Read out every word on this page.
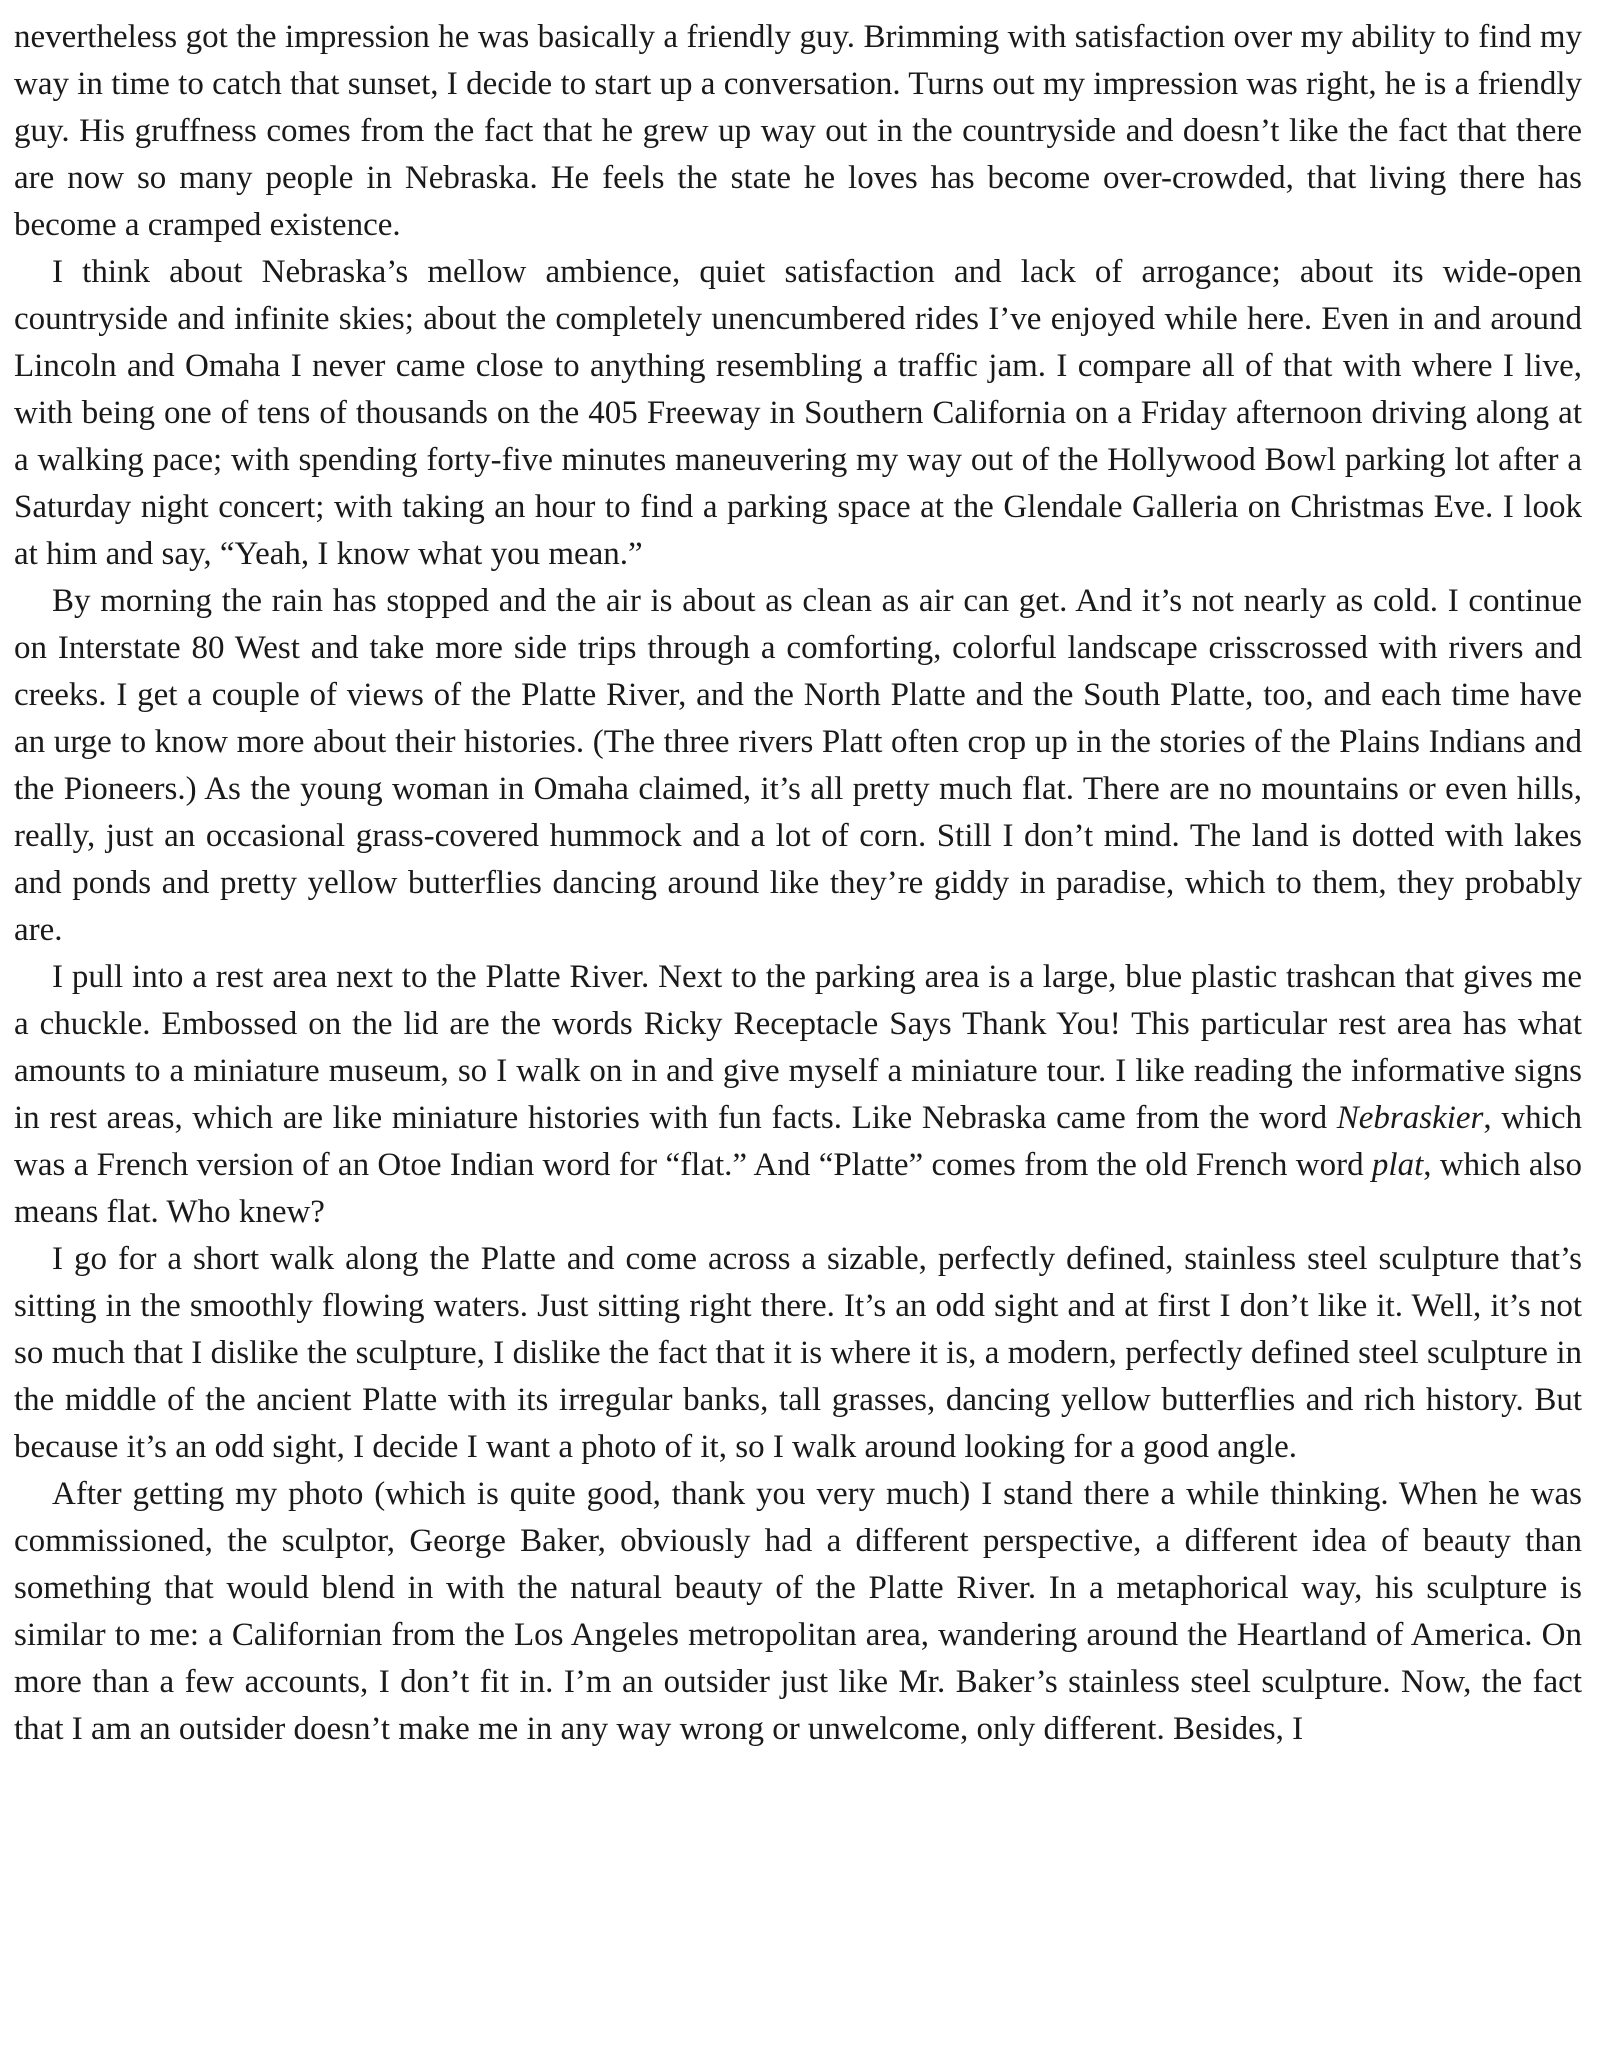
nevertheless got the impression he was basically a friendly guy. Brimming with satisfaction over my ability to find my way in time to catch that sunset, I decide to start up a conversation. Turns out my impression was right, he is a friendly guy. His gruffness comes from the fact that he grew up way out in the countryside and doesn’t like the fact that there are now so many people in Nebraska. He feels the state he loves has become over-crowded, that living there has become a cramped existence.

I think about Nebraska’s mellow ambience, quiet satisfaction and lack of arrogance; about its wide-open countryside and infinite skies; about the completely unencumbered rides I’ve enjoyed while here. Even in and around Lincoln and Omaha I never came close to anything resembling a traffic jam. I compare all of that with where I live, with being one of tens of thousands on the 405 Freeway in Southern California on a Friday afternoon driving along at a walking pace; with spending forty-five minutes maneuvering my way out of the Hollywood Bowl parking lot after a Saturday night concert; with taking an hour to find a parking space at the Glendale Galleria on Christmas Eve. I look at him and say, “Yeah, I know what you mean.”

By morning the rain has stopped and the air is about as clean as air can get. And it’s not nearly as cold. I continue on Interstate 80 West and take more side trips through a comforting, colorful landscape crisscrossed with rivers and creeks. I get a couple of views of the Platte River, and the North Platte and the South Platte, too, and each time have an urge to know more about their histories. (The three rivers Platt often crop up in the stories of the Plains Indians and the Pioneers.) As the young woman in Omaha claimed, it’s all pretty much flat. There are no mountains or even hills, really, just an occasional grass-covered hummock and a lot of corn. Still I don’t mind. The land is dotted with lakes and ponds and pretty yellow butterflies dancing around like they’re giddy in paradise, which to them, they probably are.

I pull into a rest area next to the Platte River. Next to the parking area is a large, blue plastic trashcan that gives me a chuckle. Embossed on the lid are the words Ricky Receptacle Says Thank You! This particular rest area has what amounts to a miniature museum, so I walk on in and give myself a miniature tour. I like reading the informative signs in rest areas, which are like miniature histories with fun facts. Like Nebraska came from the word Nebraskier, which was a French version of an Otoe Indian word for “flat.” And “Platte” comes from the old French word plat, which also means flat. Who knew?

I go for a short walk along the Platte and come across a sizable, perfectly defined, stainless steel sculpture that’s sitting in the smoothly flowing waters. Just sitting right there. It’s an odd sight and at first I don’t like it. Well, it’s not so much that I dislike the sculpture, I dislike the fact that it is where it is, a modern, perfectly defined steel sculpture in the middle of the ancient Platte with its irregular banks, tall grasses, dancing yellow butterflies and rich history. But because it’s an odd sight, I decide I want a photo of it, so I walk around looking for a good angle.

After getting my photo (which is quite good, thank you very much) I stand there a while thinking. When he was commissioned, the sculptor, George Baker, obviously had a different perspective, a different idea of beauty than something that would blend in with the natural beauty of the Platte River. In a metaphorical way, his sculpture is similar to me: a Californian from the Los Angeles metropolitan area, wandering around the Heartland of America. On more than a few accounts, I don’t fit in. I’m an outsider just like Mr. Baker’s stainless steel sculpture. Now, the fact that I am an outsider doesn’t make me in any way wrong or unwelcome, only different. Besides, I
